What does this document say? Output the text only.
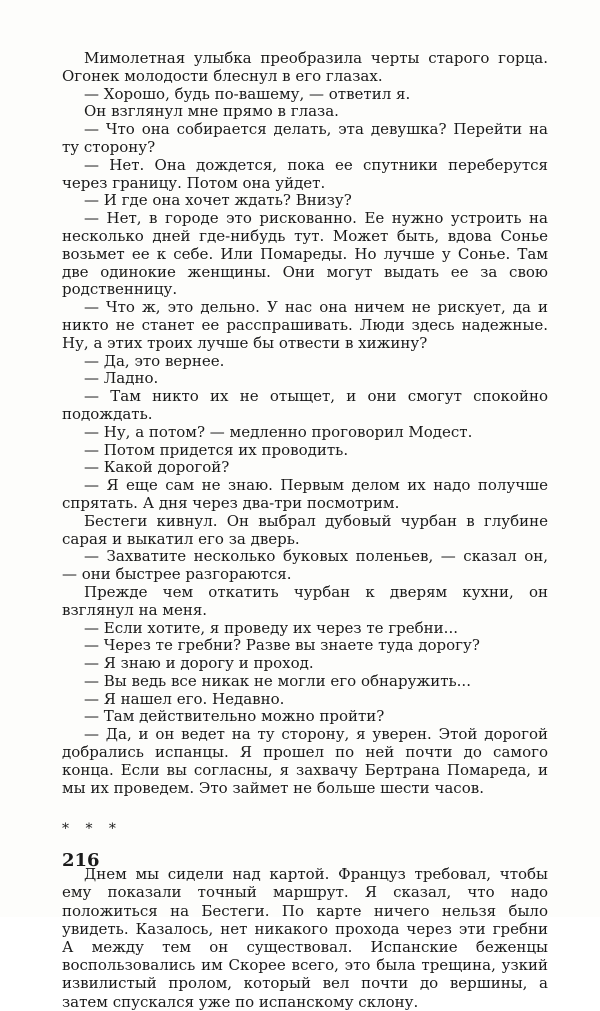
Мимолетная улыбка преобразила черты старого горца. Огонек молодости блеснул в его глазах.

— Хорошо, будь по-вашему, — ответил я.

Он взглянул мне прямо в глаза.

— Что она собирается делать, эта девушка? Перейти на ту сторону?

— Нет. Она дождется, пока ее спутники переберутся через границу. Потом она уйдет.

— И где она хочет ждать? Внизу?

— Нет, в городе это рискованно. Ее нужно устроить на несколько дней где-нибудь тут. Может быть, вдова Сонье возьмет ее к себе. Или Помареды. Но лучше у Сонье. Там две одинокие женщины. Они могут выдать ее за свою родственницу.

— Что ж, это дельно. У нас она ничем не рискует, да и никто не станет ее расспрашивать. Люди здесь надежные. Ну, а этих троих лучше бы отвести в хижину?

— Да, это вернее.

— Ладно.

— Там никто их не отыщет, и они смогут спокойно подождать.

— Ну, а потом? — медленно проговорил Модест.

— Потом придется их проводить.

— Какой дорогой?

— Я еще сам не знаю. Первым делом их надо получше спрятать. А дня через два-три посмотрим.

Бестеги кивнул. Он выбрал дубовый чурбан в глубине сарая и выкатил его за дверь.

— Захватите несколько буковых поленьев, — сказал он, — они быстрее разгораются.

Прежде чем откатить чурбан к дверям кухни, он взглянул на меня.

— Если хотите, я проведу их через те гребни...

— Через те гребни? Разве вы знаете туда дорогу?

— Я знаю и дорогу и проход.

— Вы ведь все никак не могли его обнаружить...

— Я нашел его. Недавно.

— Там действительно можно пройти?

— Да, и он ведет на ту сторону, я уверен. Этой дорогой добрались испанцы. Я прошел по ней почти до самого конца. Если вы согласны, я захвачу Бертрана Помареда, и мы их проведем. Это займет не больше шести часов.

* * *

Днем мы сидели над картой. Француз требовал, чтобы ему показали точный маршрут. Я сказал, что надо положиться на Бестеги. По карте ничего нельзя было увидеть. Казалось, нет никакого прохода через эти гребни А между тем он существовал. Испанские беженцы воспользовались им Скорее всего, это была трещина, узкий извилистый пролом, который вел почти до вершины, а затем спускался уже по испанскому склону.

216
